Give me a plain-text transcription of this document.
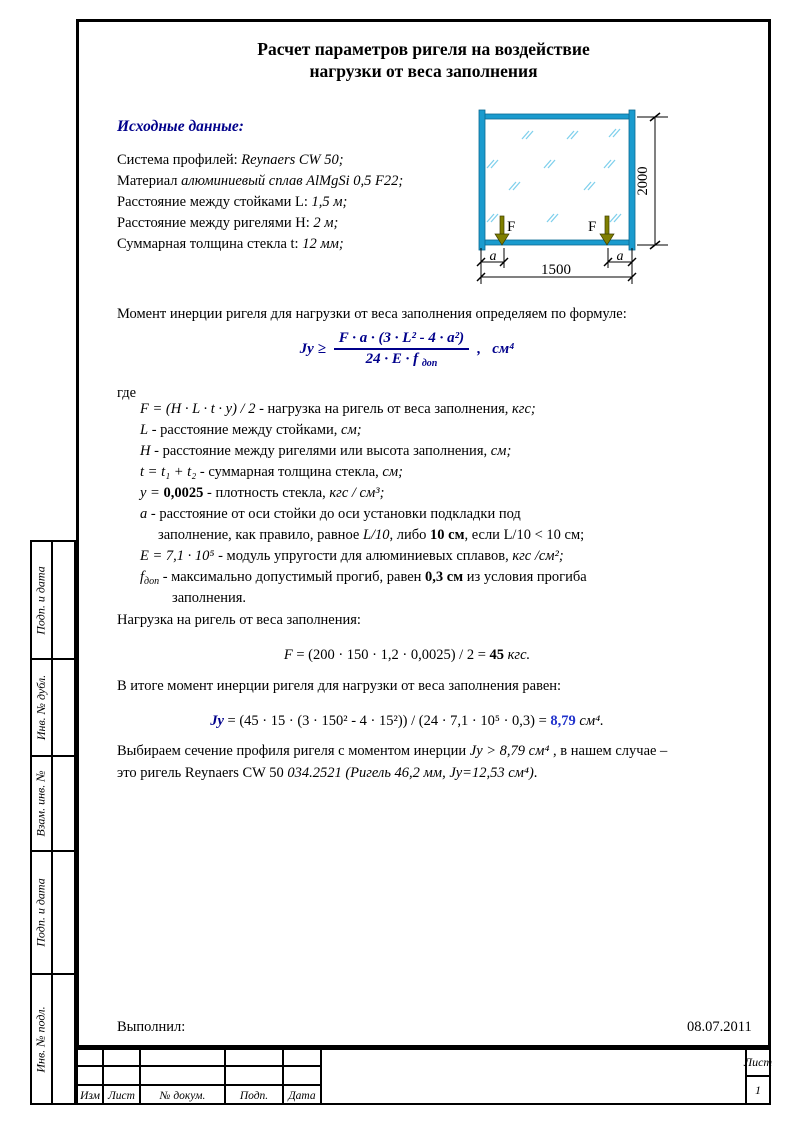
Расчет параметров ригеля на воздействие
нагрузки от веса заполнения
Исходные данные:
Система профилей: Reynaers CW 50;
Материал алюминиевый сплав AlMgSi 0,5 F22;
Расстояние между стойками L: 1,5 м;
Расстояние между ригелями H: 2 м;
Суммарная толщина стекла t: 12 мм;
F	F
2000
a	a
1500
Момент инерции ригеля для нагрузки от веса заполнения определяем по формуле:
$Jy \ge \frac{\text{F · a · (3 · L² - 4 · a²)}}{24 \cdot E \cdot f _{доп}}$ ,   см⁴
где
F = (H · L · t · y) / 2 - нагрузка на ригель от веса заполнения, кгс;
L - расстояние между стойками, см;
H - расстояние между ригелями или высота заполнения, см;
t = t₁ + t₂ - суммарная толщина стекла, см;
y = 0,0025 - плотность стекла, кгс / см³;
a - расстояние от оси стойки до оси установки подкладки под
заполнение, как правило, равное L/10, либо 10 см, если L/10 < 10 см;
E = 7,1 · 10⁵ - модуль упругости для алюминиевых сплавов, кгс /см²;
$f_{доп}$ - максимально допустимый прогиб, равен 0,3 см из условия прогиба
заполнения.
Нагрузка на ригель от веса заполнения:
F = (200 · 150 · 1,2 · 0,0025) / 2 = 45 кгс.
В итоге момент инерции ригеля для нагрузки от веса заполнения равен:
Jy = (45 · 15 · (3 · 150² - 4 · 15²)) / (24 · 7,1 · 10⁵ · 0,3) = 8,79 см⁴.
Выбираем сечение профиля ригеля с моментом инерции Jy > 8,79 см⁴ , в нашем случае –
это ригель Reynaers CW 50 034.2521 (Ригель 46,2 мм, Jy=12,53 см⁴).
Выполнил:	08.07.2011
Подп. и дата
Инв. № дубл.
Взам. инв. №
Подп. и дата
Инв. № подл.
Изм Лист № докум.	Подп. Дата
Лист
1
